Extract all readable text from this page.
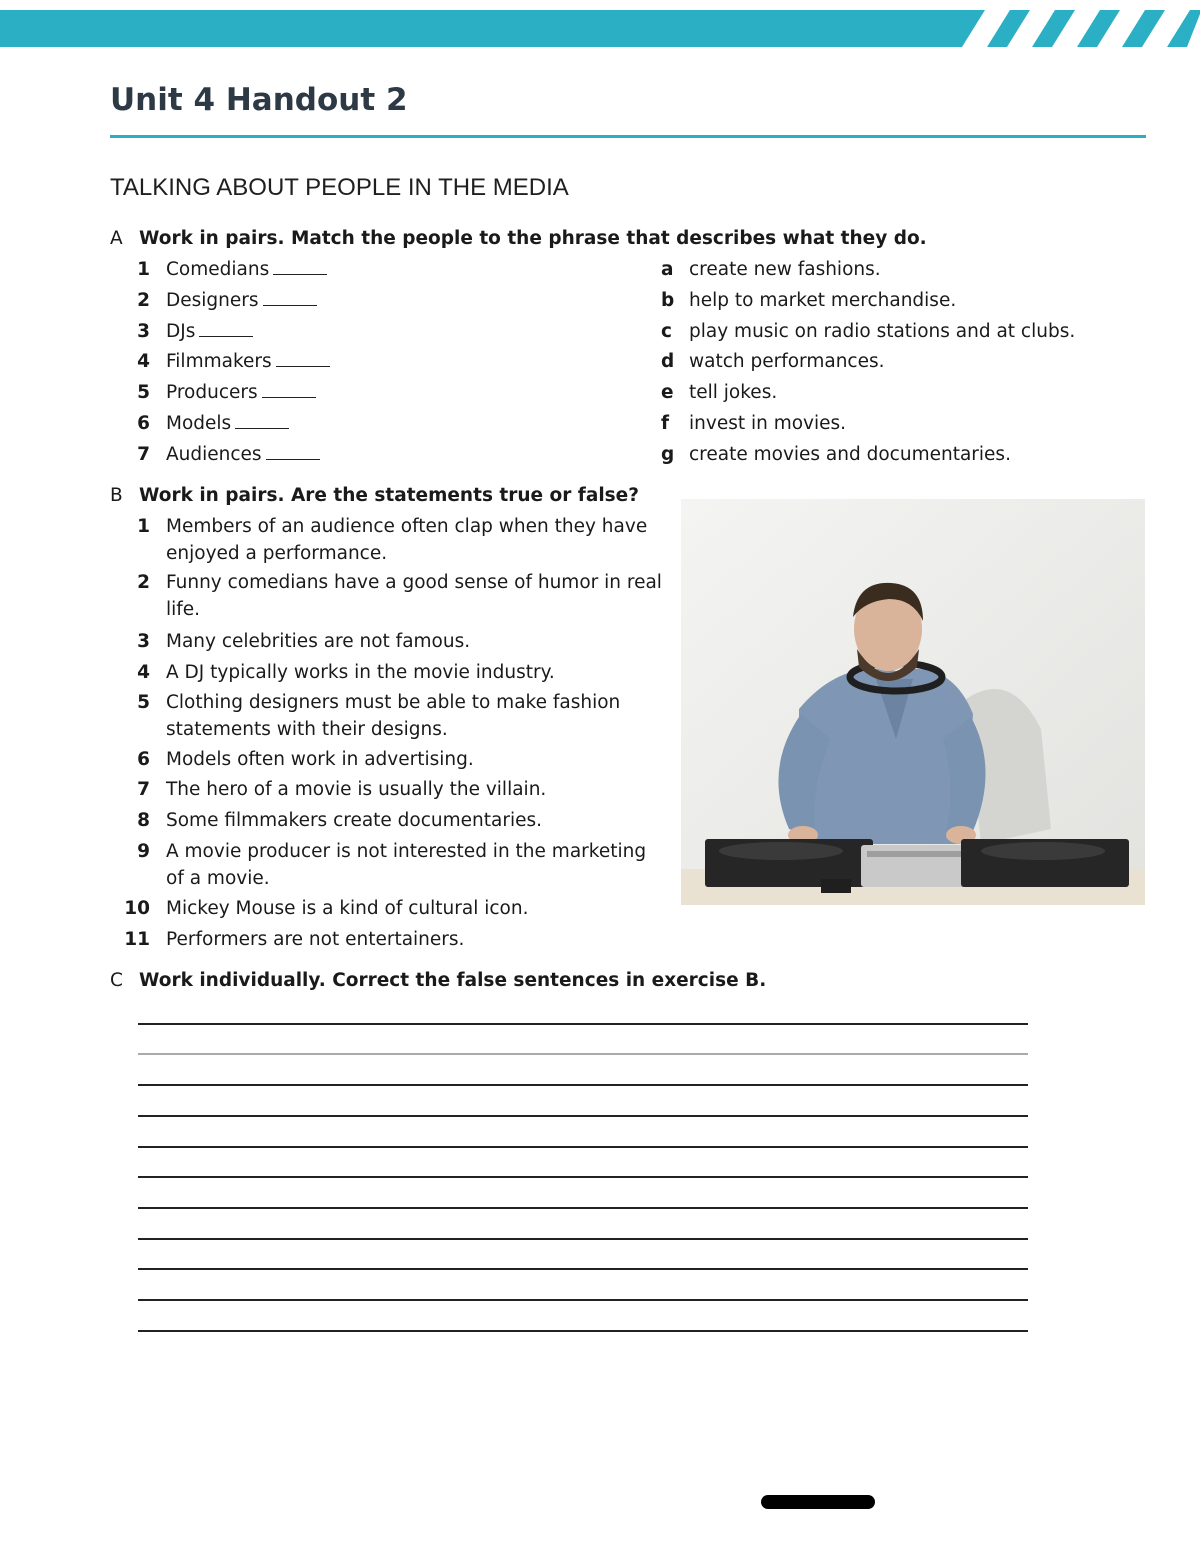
Unit 4 Handout 2
TALKING ABOUT PEOPLE IN THE MEDIA
A Work in pairs. Match the people to the phrase that describes what they do.
1 Comedians
2 Designers
3 DJs
4 Filmmakers
5 Producers
6 Models
7 Audiences
a create new fashions.
b help to market merchandise.
c play music on radio stations and at clubs.
d watch performances.
e tell jokes.
f	invest in movies.
g create movies and documentaries.
B Work in pairs. Are the statements true or false?
1 Members of an audience often clap when they have enjoyed a performance.
2 Funny comedians have a good sense of humor in real life.
3 Many celebrities are not famous.
4 A DJ typically works in the movie industry.
5 Clothing designers must be able to make fashion statements with their designs.
6 Models often work in advertising.
7 The hero of a movie is usually the villain.
8 Some filmmakers create documentaries.
9 A movie producer is not interested in the marketing of a movie.
10 Mickey Mouse is a kind of cultural icon.
11 Performers are not entertainers.
C Work individually. Correct the false sentences in exercise B.
